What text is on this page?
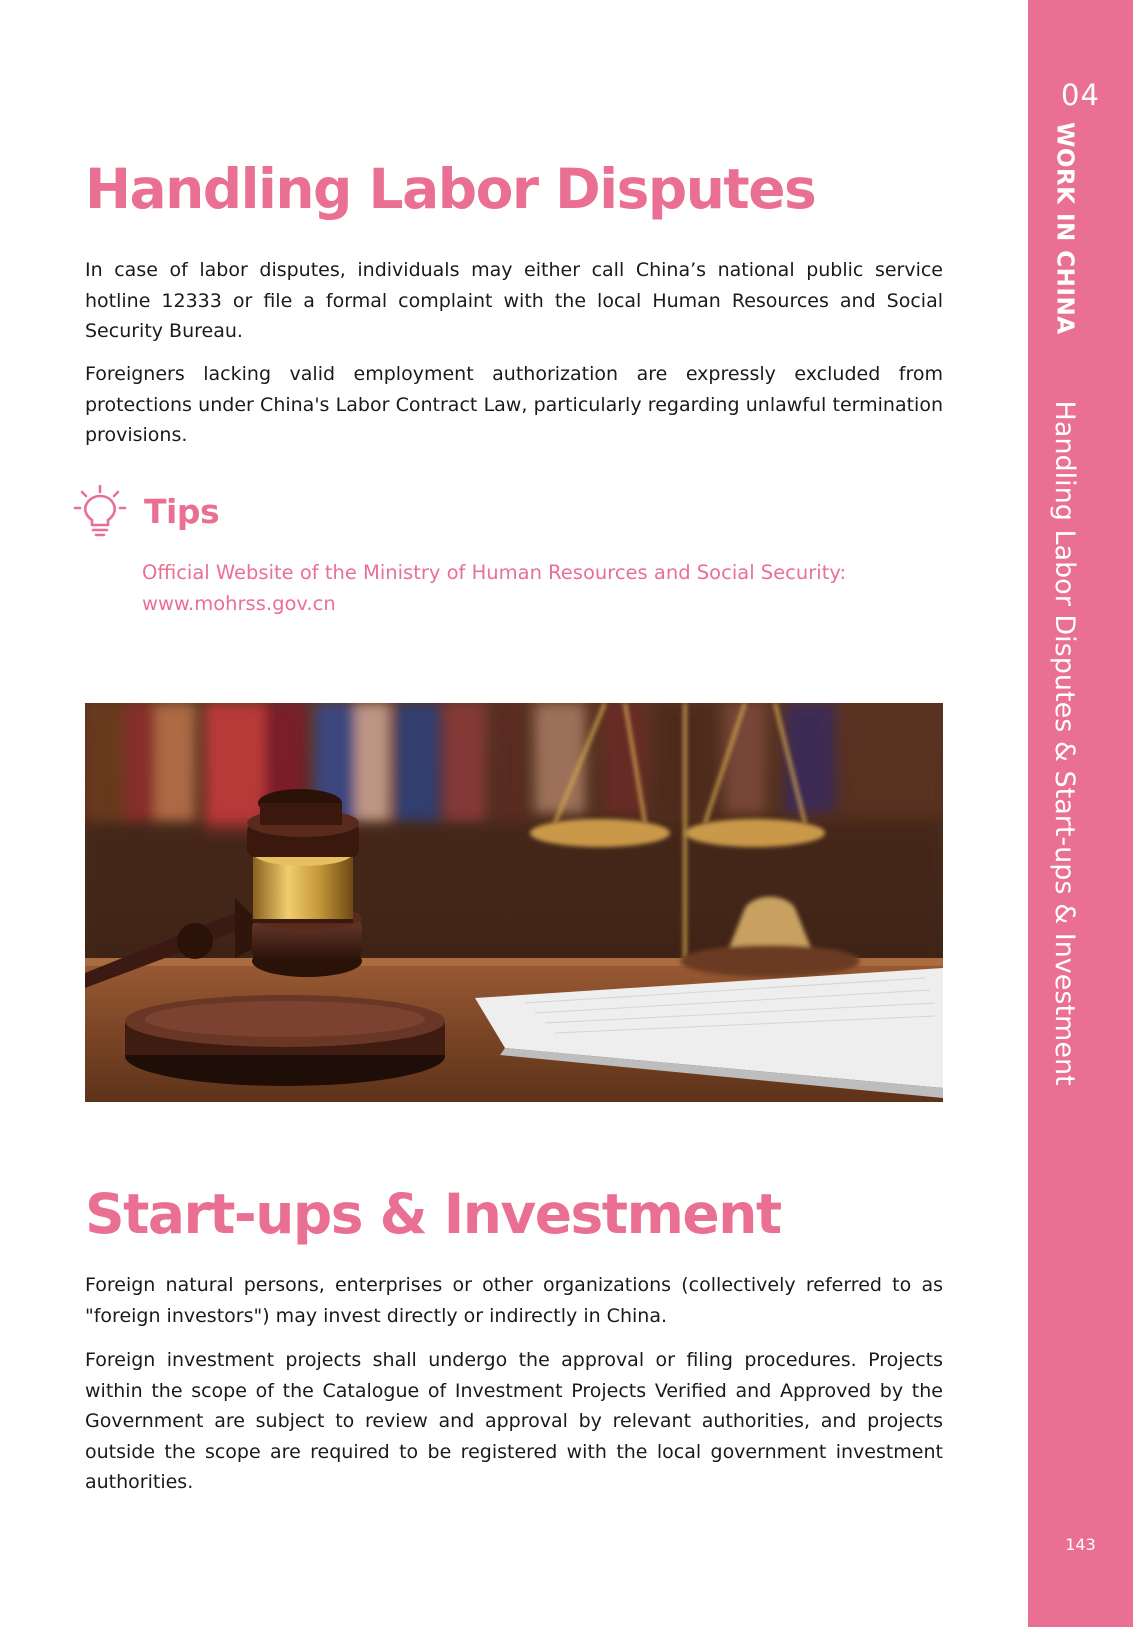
Handling Labor Disputes

In case of labor disputes, individuals may either call China’s national public service hotline 12333 or file a formal complaint with the local Human Resources and Social Security Bureau.

Foreigners lacking valid employment authorization are expressly excluded from protections under China's Labor Contract Law, particularly regarding unlawful termination provisions.

Tips
Official Website of the Ministry of Human Resources and Social Security:
www.mohrss.gov.cn
Start-ups & Investment

Foreign natural persons, enterprises or other organizations (collectively referred to as "foreign investors") may invest directly or indirectly in China.

Foreign investment projects shall undergo the approval or filing procedures. Projects within the scope of the Catalogue of Investment Projects Verified and Approved by the Government are subject to review and approval by relevant authorities, and projects outside the scope are required to be registered with the local government investment authorities.

04
WORK IN CHINAHandling Labor Disputes & Start-ups & Investment
143
